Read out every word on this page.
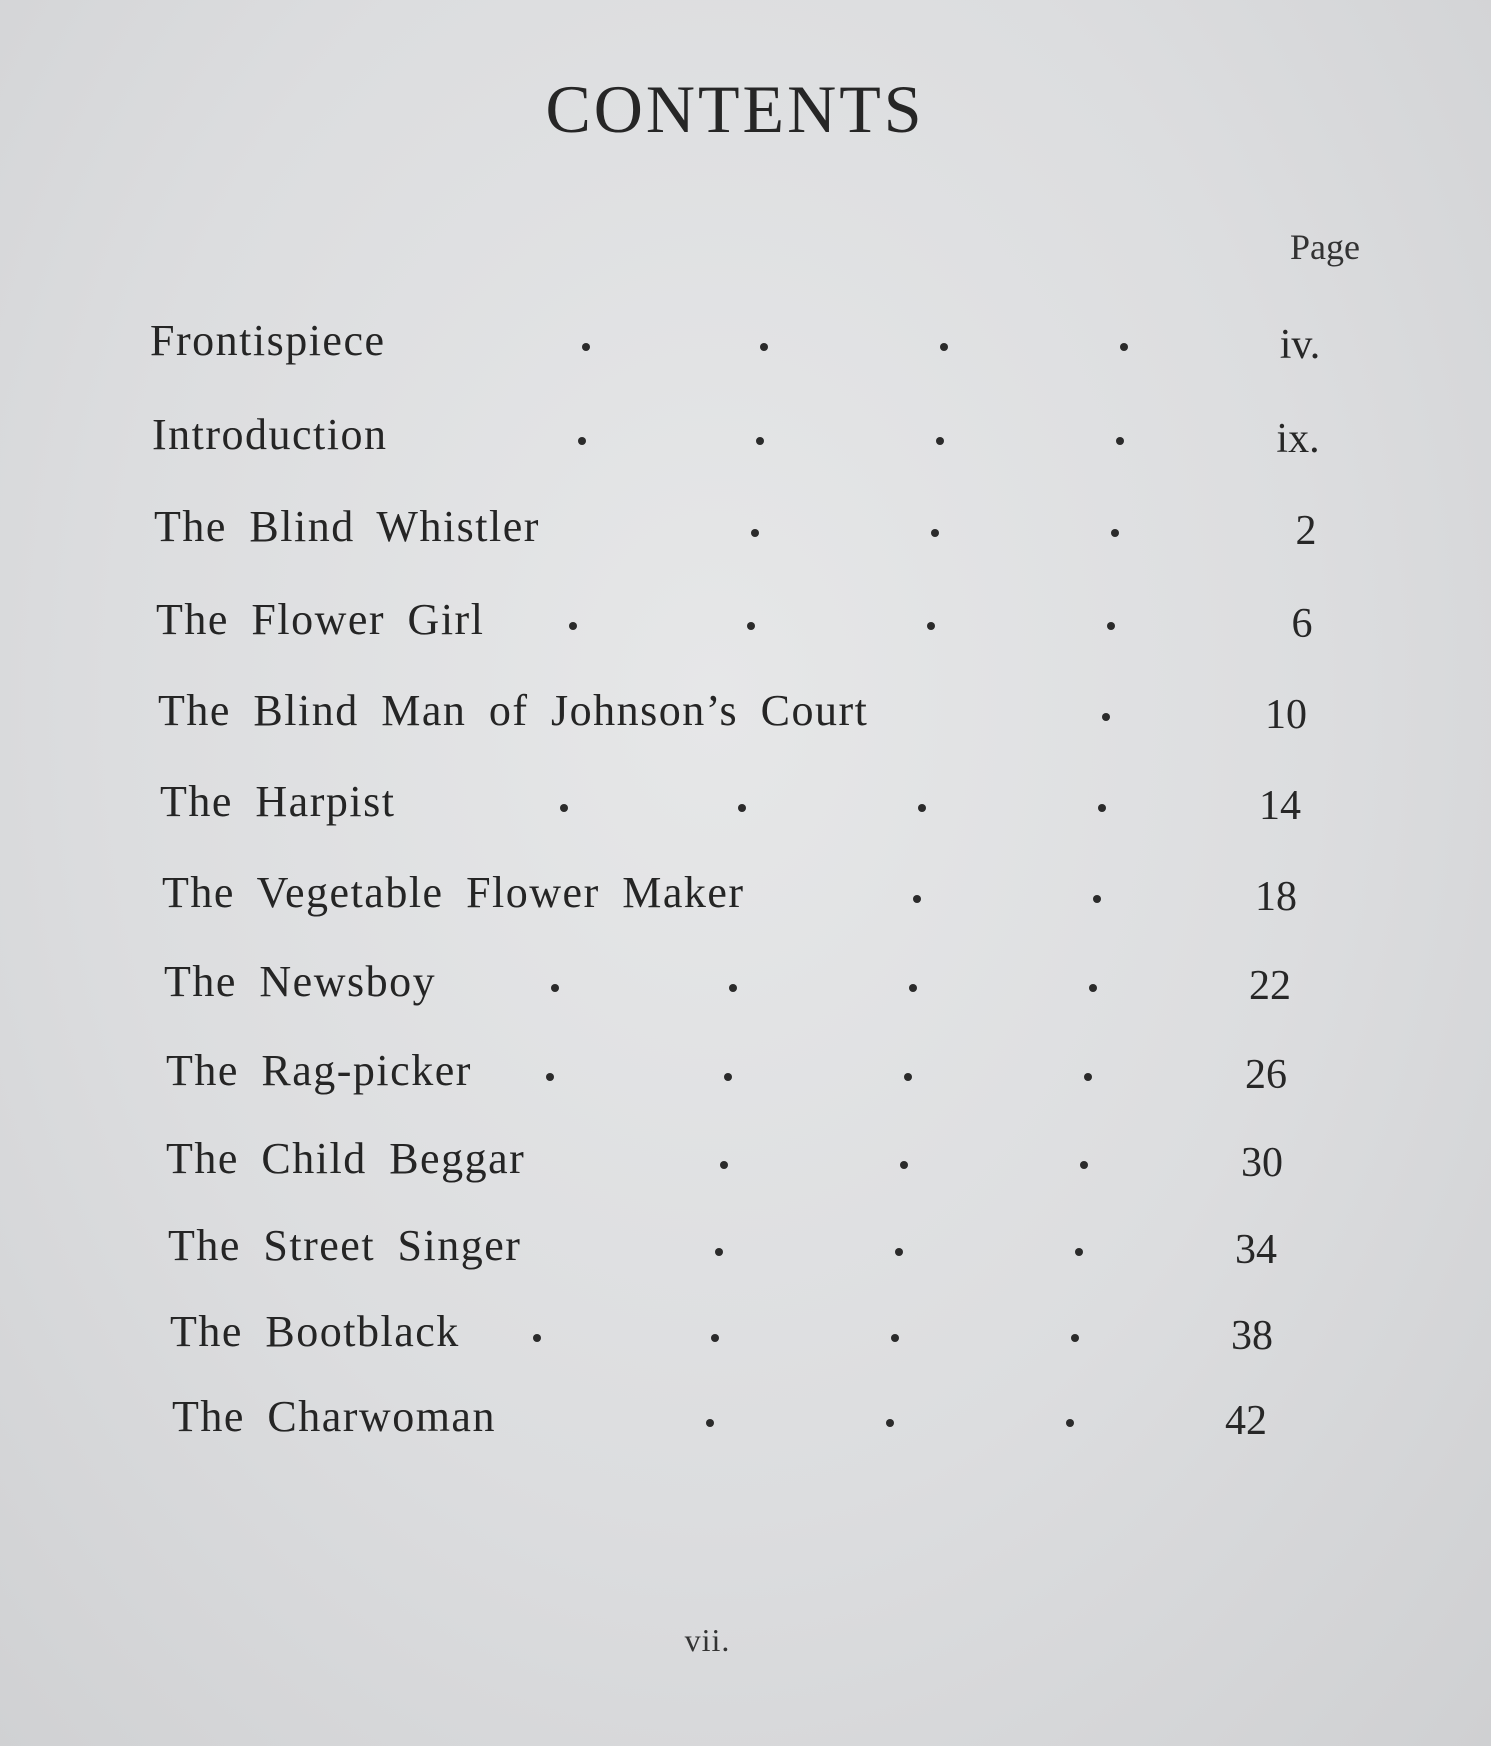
CONTENTS
Page
Frontispiece	iv.
Introduction	ix.
The Blind Whistler	2
The Flower Girl	6
The Blind Man of Johnson’s Court	10
The Harpist	14
The Vegetable Flower Maker	18
The Newsboy	22
The Rag-picker	26
The Child Beggar	30
The Street Singer	34
The Bootblack	38
The Charwoman	42
vii.
